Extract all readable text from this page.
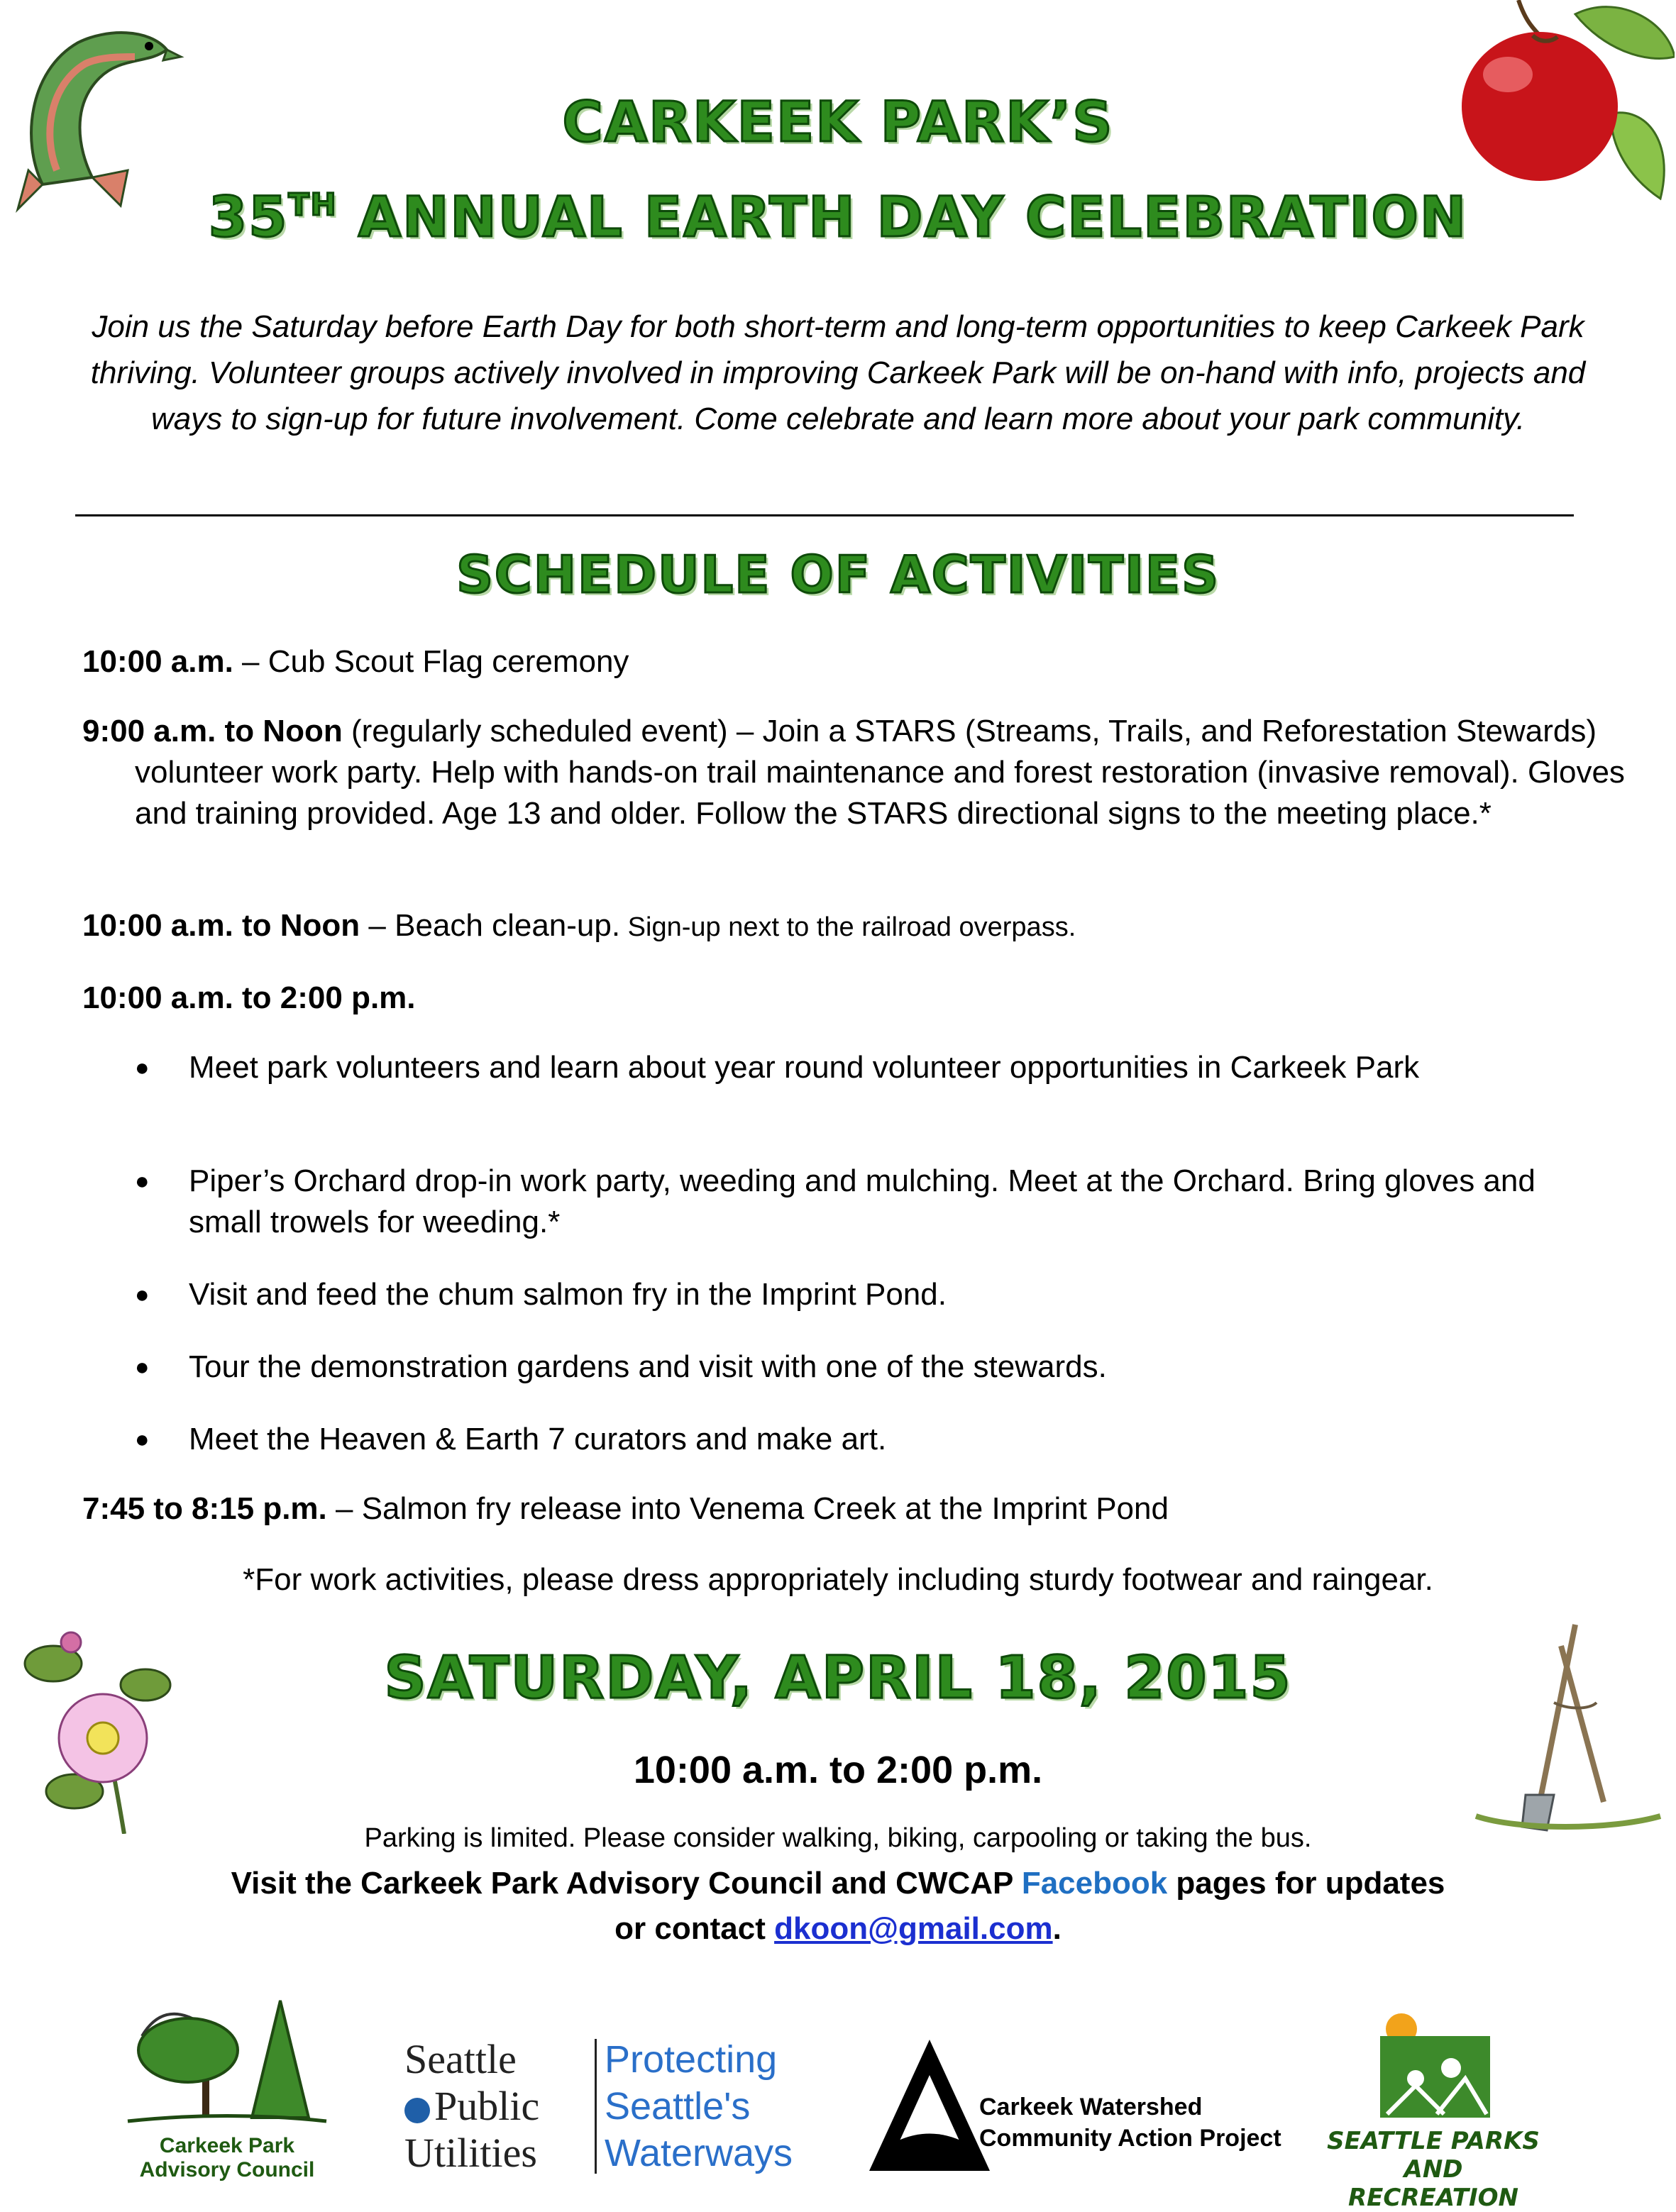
CARKEEK PARK’S
35TH ANNUAL EARTH DAY CELEBRATION
Join us the Saturday before Earth Day for both short-term and long-term opportunities to keep Carkeek Park thriving. Volunteer groups actively involved in improving Carkeek Park will be on-hand with info, projects and ways to sign-up for future involvement. Come celebrate and learn more about your park community.
SCHEDULE OF ACTIVITIES
10:00 a.m. – Cub Scout Flag ceremony
9:00 a.m. to Noon (regularly scheduled event) – Join a STARS (Streams, Trails, and Reforestation Stewards) volunteer work party. Help with hands-on trail maintenance and forest restoration (invasive removal). Gloves and training provided. Age 13 and older. Follow the STARS directional signs to the meeting place.*
10:00 a.m. to Noon – Beach clean-up. Sign-up next to the railroad overpass.
10:00 a.m. to 2:00 p.m.
● Meet park volunteers and learn about year round volunteer opportunities in Carkeek Park
● Piper’s Orchard drop-in work party, weeding and mulching. Meet at the Orchard. Bring gloves and small trowels for weeding.*
● Visit and feed the chum salmon fry in the Imprint Pond.
● Tour the demonstration gardens and visit with one of the stewards.
● Meet the Heaven & Earth 7 curators and make art.
7:45 to 8:15 p.m. – Salmon fry release into Venema Creek at the Imprint Pond
*For work activities, please dress appropriately including sturdy footwear and raingear.
SATURDAY, APRIL 18, 2015
10:00 a.m. to 2:00 p.m.
Parking is limited. Please consider walking, biking, carpooling or taking the bus.
Visit the Carkeek Park Advisory Council and CWCAP Facebook pages for updates
or contact dkoon@gmail.com.
Carkeek Park
Advisory Council
Seattle
Public
Utilities
Protecting
Seattle's
Waterways
Carkeek Watershed
Community Action Project	SEATTLE PARKS
AND RECREATION
